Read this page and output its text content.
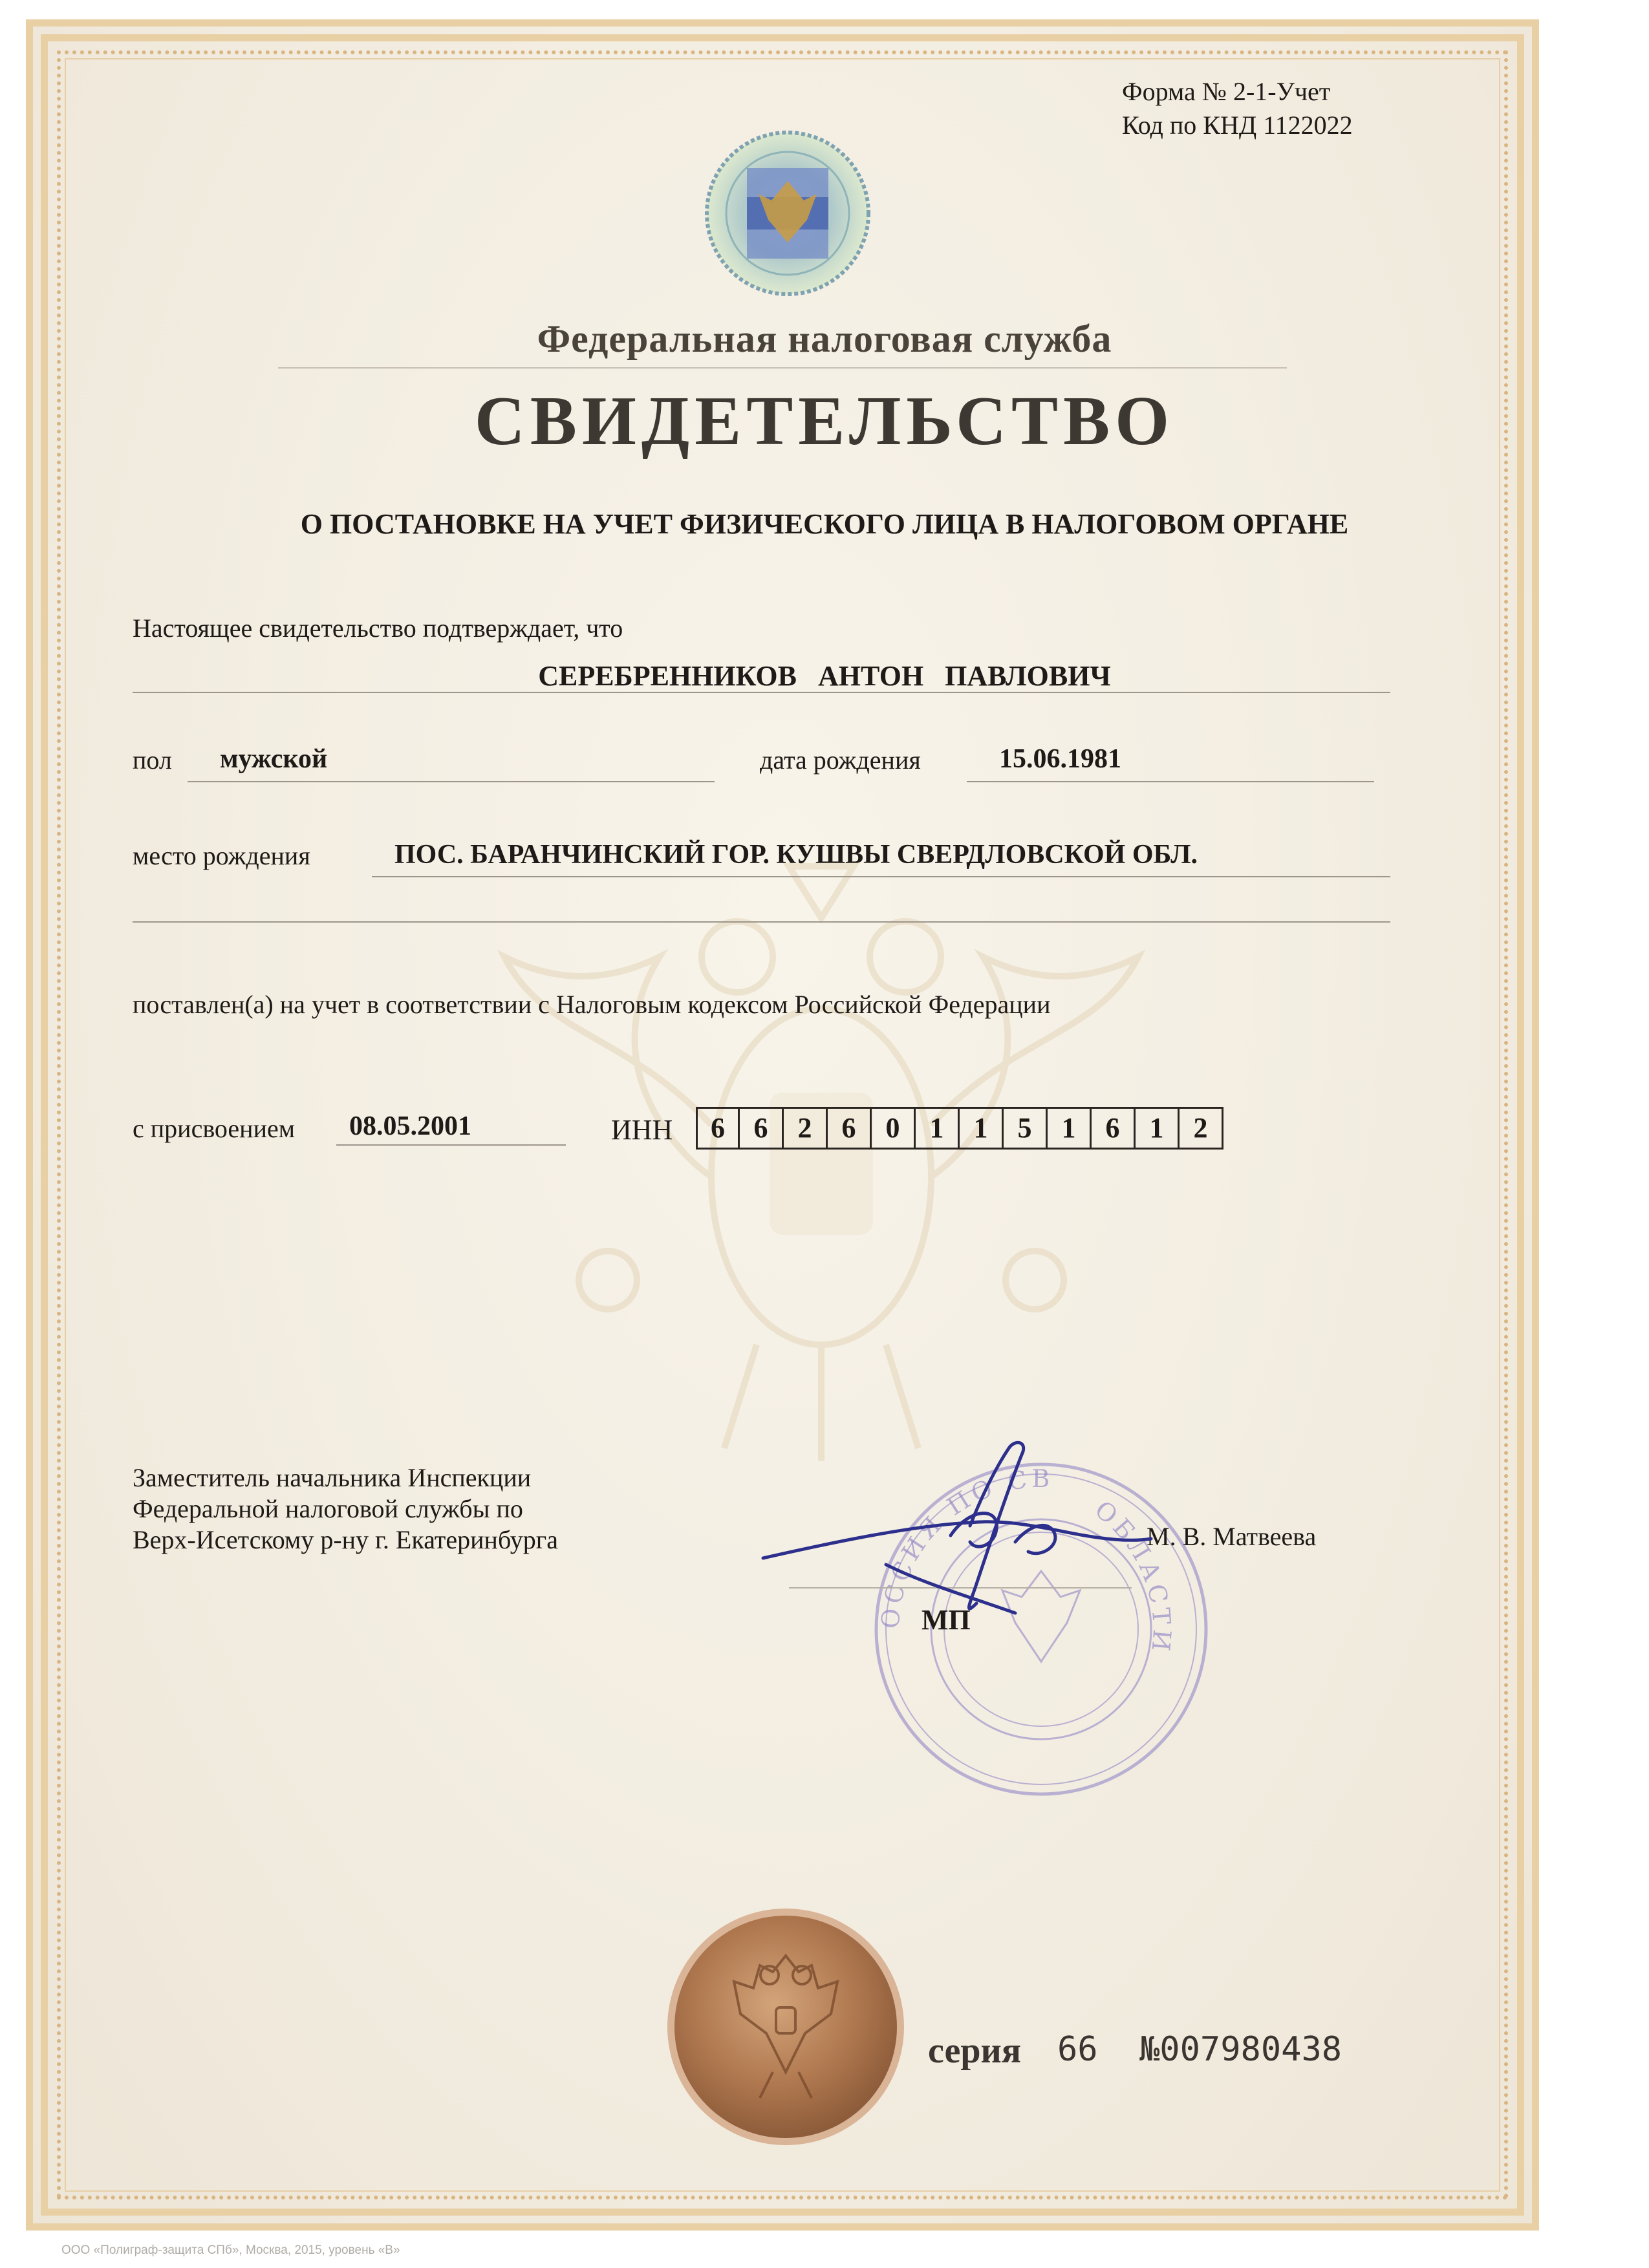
Форма № 2-1-Учет
Код по КНД 1122022
Федеральная налоговая служба
СВИДЕТЕЛЬСТВО
О ПОСТАНОВКЕ НА УЧЕТ ФИЗИЧЕСКОГО ЛИЦА В НАЛОГОВОМ ОРГАНЕ
Настоящее свидетельство подтверждает, что
СЕРЕБРЕННИКОВ   АНТОН   ПАВЛОВИЧ
пол мужской	дата рождения	15.06.1981
место рождения	ПОС. БАРАНЧИНСКИЙ ГОР. КУШВЫ СВЕРДЛОВСКОЙ ОБЛ.
поставлен(а) на учет в соответствии с Налоговым кодексом Российской Федерации
с присвоением 08.05.2001	ИНН	6	6	2	6	0	1	1	5	1	6	1	2
ОССИЯ ПО СВ
ОБЛАСТИ
Заместитель начальника Инспекции
Федеральной налоговой службы по
Верх-Исетскому р-ну г. Екатеринбурга	М. В. Матвеева
МП
серия 66 №007980438
ООО «Полиграф-защита СПб», Москва, 2015, уровень «В»
